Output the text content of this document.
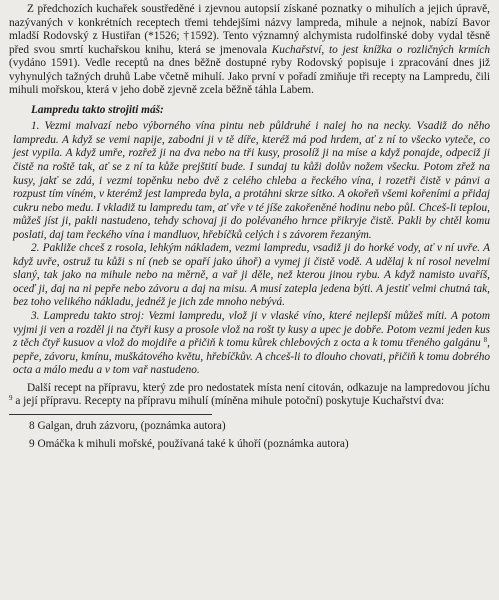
Z předchozích kuchařek soustředěné i zjevnou autopsií získané poznatky o mihulích a jejich úpravě, nazývaných v konkrétních receptech třemi tehdejšími názvy lampreda, mihule a nejnok, nabízí Bavor mladší Rodovský z Hustiřan (*1526; †1592). Tento významný alchymista rudolfinské doby vydal těsně před svou smrtí kuchařskou knihu, která se jmenovala Kuchařství, to jest knížka o rozličných krmích (vydáno 1591). Vedle receptů na dnes běžně dostupné ryby Rodovský popisuje i zpracování dnes již vyhynulých tažných druhů Labe včetně mihulí. Jako první v pořadí zmiňuje tři recepty na Lampredu, čili mihuli mořskou, která v jeho době zjevně zcela běžně táhla Labem.

Lampredu takto strojiti máš:

1. Vezmi malvazí nebo výborného vína pintu neb půldruhé i nalej ho na necky. Vsadiž do něho lampredu. A když se vemi napije, zabodni ji v tě díře, kteréž má pod hrdem, ať z ní to všecko vyteče, co jest vypila. A když umře, rozřež ji na dva nebo na tři kusy, prosolíž ji na míse a když ponajde, odpeciž ji čistě na roště tak, ať se z ní ta kůže prejštití bude. I sundaj tu kůži dolův nožem všecku. Potom zřež na kusy, jakť se zdá, i vezmi topěnku nebo dvě z celého chleba a řeckého vína, i rozetři čistě v pánvi a rozpust tím víném, v kterémž jest lampreda byla, a protáhni skrze sítko. A okořeň všemi kořeními a přidaj cukru nebo medu. I vkladiž tu lampredu tam, ať vře v té jíše zakořeněné hodinu nebo půl. Chceš-li teplou, můžeš jíst ji, pakli nastudeno, tehdy schovaj ji do polévaného hrnce přikryje čistě. Pakli by chtěl komu poslati, daj tam řeckého vína i mandluov, hřebíčků celých i s závorem řezaným.

2. Pakliže chceš z rosola, lehkým nákladem, vezmi lampredu, vsadiž ji do horké vody, ať v ní uvře. A když uvře, ostruž tu kůži s ní (neb se opaří jako úhoř) a vymej ji čistě vodě. A udělaj k ní rosol nevelmi slaný, tak jako na mihule nebo na měrně, a vař ji děle, než kterou jinou rybu. A když namisto uvaříš, oceď ji, daj na ni pepře nebo závoru a daj na misu. A musí zatepla jedena býti. A jestiť velmi chutná tak, bez toho velikého nákladu, jednéž je jich zde mnoho nebývá.

3. Lampredu takto stroj: Vezmi lampredu, vlož ji v vlaské víno, které nejlepší můžeš míti. A potom vyjmi ji ven a rozděl ji na čtyři kusy a prosole vlož na rošt ty kusy a upec je dobře. Potom vezmi jeden kus z těch čtyř kusuov a vlož do mojdiře a přičiň k tomu kůrek chlebových z octa a k tomu třeného galgánu $^8$, pepře, závoru, kmínu, muškátového květu, hřebíčkův. A chceš-li to dlouho chovati, přičiň k tomu dobrého octa a málo medu a v tom vař nastudeno.

Další recept na přípravu, který zde pro nedostatek místa není citován, odkazuje na lampredovou jíchu $^9$ a její přípravu. Recepty na přípravu mihulí (míněna mihule potoční) poskytuje Kuchařství dva:

8 Galgan, druh zázvoru, (poznámka autora)

9 Omáčka k mihuli mořské, používaná také k úhoří (poznámka autora)
